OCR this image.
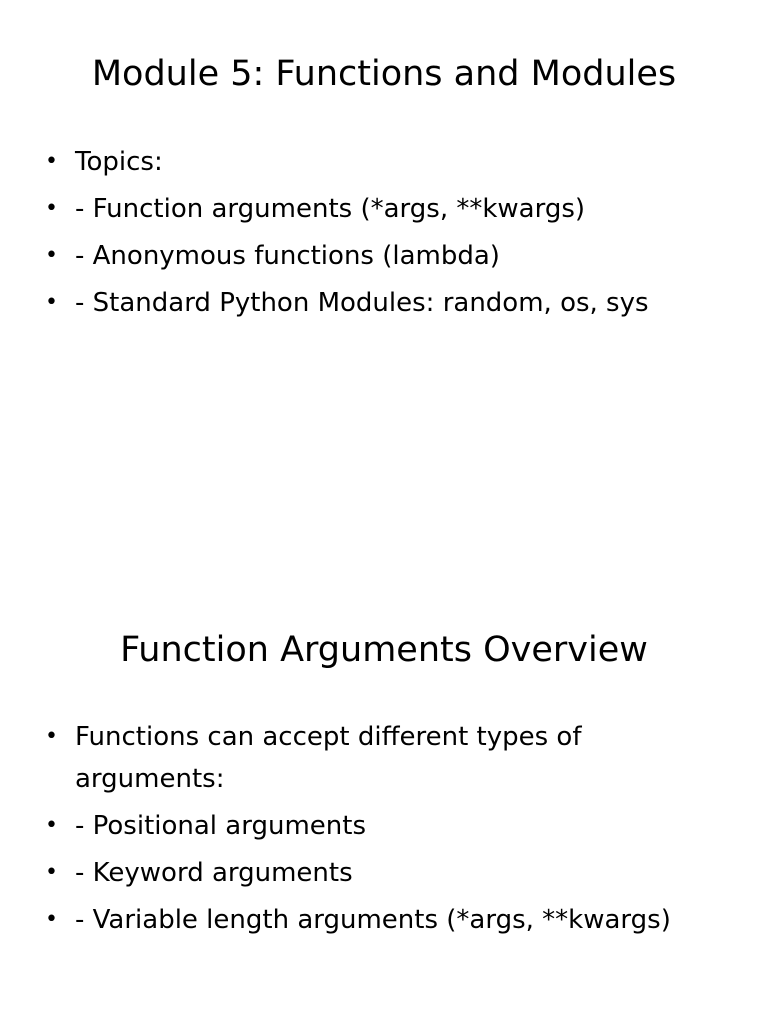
Module 5: Functions and Modules
• Topics:
• - Function arguments (*args, **kwargs)
• - Anonymous functions (lambda)
• - Standard Python Modules: random, os, sys
Function Arguments Overview
• Functions can accept different types of arguments:
• - Positional arguments
• - Keyword arguments
• - Variable length arguments (*args, **kwargs)
